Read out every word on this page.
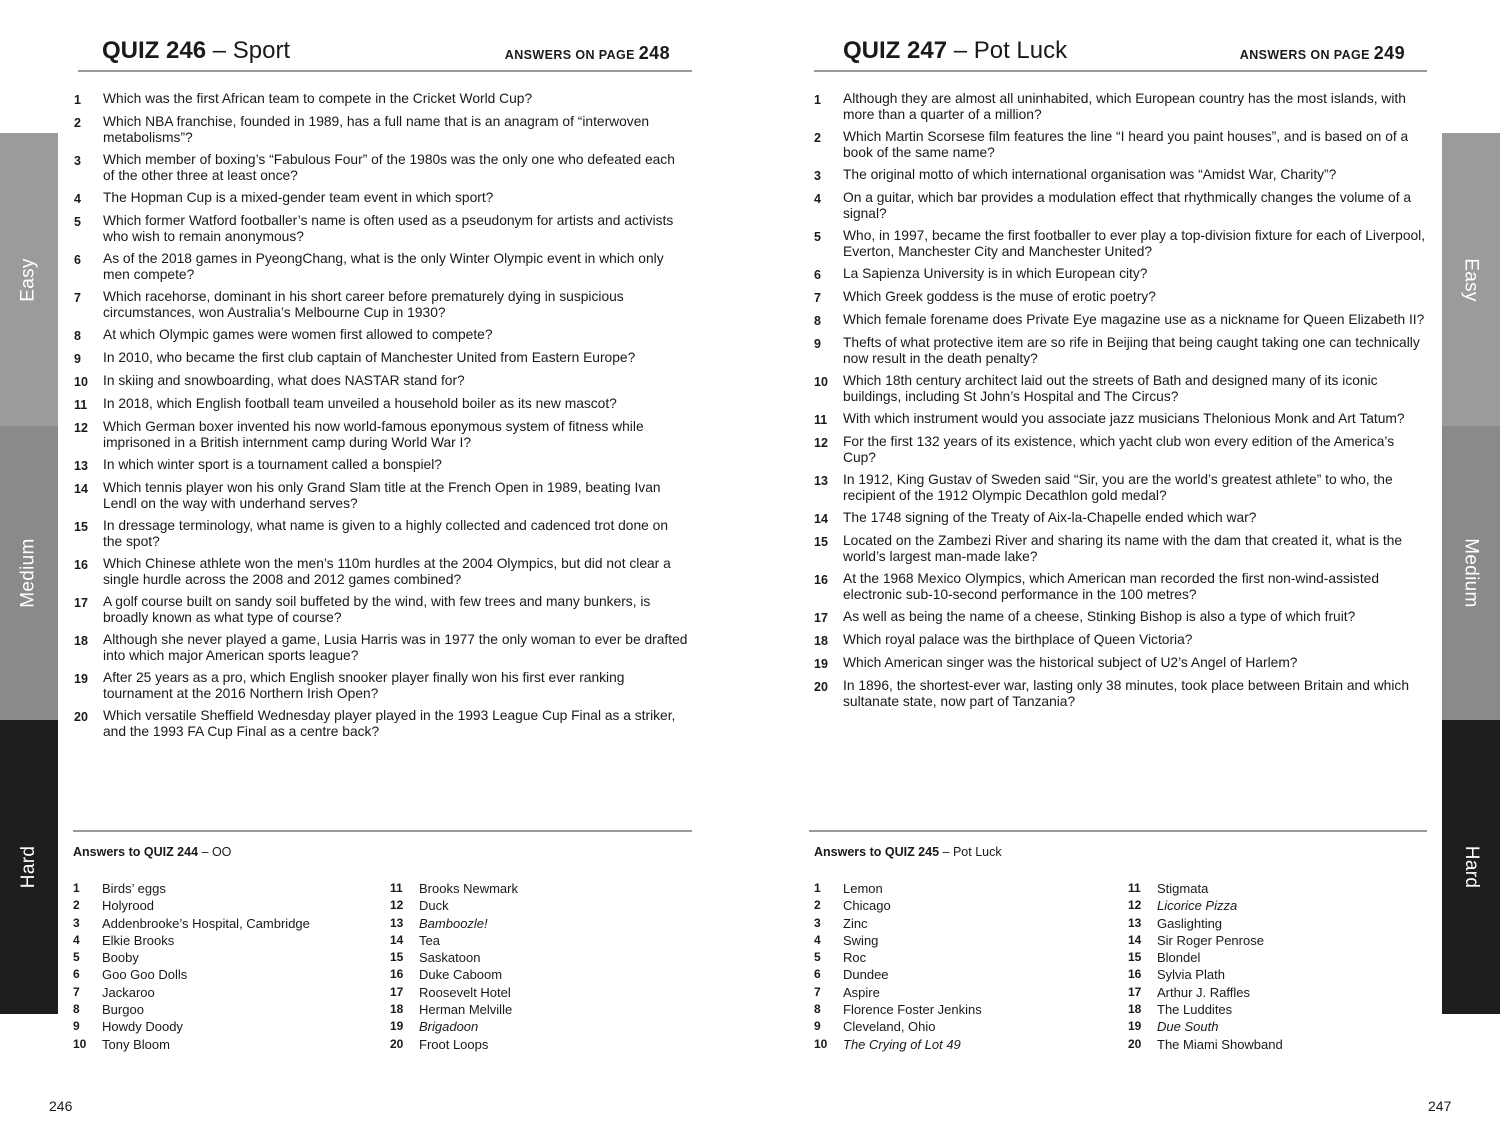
Easy
Medium
Hard
Easy
Medium
Hard
QUIZ 246 – Sport	ANSWERS ON PAGE 248
1	Which was the first African team to compete in the Cricket World Cup?
2	Which NBA franchise, founded in 1989, has a full name that is an anagram of “interwoven metabolisms”?
3	Which member of boxing’s “Fabulous Four” of the 1980s was the only one who defeated each of the other three at least once?
4	The Hopman Cup is a mixed-gender team event in which sport?
5	Which former Watford footballer’s name is often used as a pseudonym for artists and activists who wish to remain anonymous?
6	As of the 2018 games in PyeongChang, what is the only Winter Olympic event in which only men compete?
7	Which racehorse, dominant in his short career before prematurely dying in suspicious circumstances, won Australia’s Melbourne Cup in 1930?
8	At which Olympic games were women first allowed to compete?
9	In 2010, who became the first club captain of Manchester United from Eastern Europe?
10	In skiing and snowboarding, what does NASTAR stand for?
11	In 2018, which English football team unveiled a household boiler as its new mascot?
12	Which German boxer invented his now world-famous eponymous system of fitness while imprisoned in a British internment camp during World War I?
13	In which winter sport is a tournament called a bonspiel?
14	Which tennis player won his only Grand Slam title at the French Open in 1989, beating Ivan Lendl on the way with underhand serves?
15	In dressage terminology, what name is given to a highly collected and cadenced trot done on the spot?
16	Which Chinese athlete won the men’s 110m hurdles at the 2004 Olympics, but did not clear a single hurdle across the 2008 and 2012 games combined?
17	A golf course built on sandy soil buffeted by the wind, with few trees and many bunkers, is broadly known as what type of course?
18	Although she never played a game, Lusia Harris was in 1977 the only woman to ever be drafted into which major American sports league?
19	After 25 years as a pro, which English snooker player finally won his first ever ranking tournament at the 2016 Northern Irish Open?
20	Which versatile Sheffield Wednesday player played in the 1993 League Cup Final as a striker, and the 1993 FA Cup Final as a centre back?
Answers to QUIZ 244 – OO
1	Birds’ eggs
2	Holyrood
3	Addenbrooke’s Hospital, Cambridge
4	Elkie Brooks
5	Booby
6	Goo Goo Dolls
7	Jackaroo
8	Burgoo
9	Howdy Doody
10	Tony Bloom
11	Brooks Newmark
12	Duck
13	Bamboozle!
14	Tea
15	Saskatoon
16	Duke Caboom
17	Roosevelt Hotel
18	Herman Melville
19	Brigadoon
20	Froot Loops
246
QUIZ 247 – Pot Luck	ANSWERS ON PAGE 249
1	Although they are almost all uninhabited, which European country has the most islands, with more than a quarter of a million?
2	Which Martin Scorsese film features the line “I heard you paint houses”, and is based on of a book of the same name?
3	The original motto of which international organisation was “Amidst War, Charity”?
4	On a guitar, which bar provides a modulation effect that rhythmically changes the volume of a signal?
5	Who, in 1997, became the first footballer to ever play a top-division fixture for each of Liverpool, Everton, Manchester City and Manchester United?
6	La Sapienza University is in which European city?
7	Which Greek goddess is the muse of erotic poetry?
8	Which female forename does Private Eye magazine use as a nickname for Queen Elizabeth II?
9	Thefts of what protective item are so rife in Beijing that being caught taking one can technically now result in the death penalty?
10	Which 18th century architect laid out the streets of Bath and designed many of its iconic buildings, including St John’s Hospital and The Circus?
11	With which instrument would you associate jazz musicians Thelonious Monk and Art Tatum?
12	For the first 132 years of its existence, which yacht club won every edition of the America’s Cup?
13	In 1912, King Gustav of Sweden said “Sir, you are the world’s greatest athlete” to who, the recipient of the 1912 Olympic Decathlon gold medal?
14	The 1748 signing of the Treaty of Aix-la-Chapelle ended which war?
15	Located on the Zambezi River and sharing its name with the dam that created it, what is the world’s largest man-made lake?
16	At the 1968 Mexico Olympics, which American man recorded the first non-wind-assisted electronic sub-10-second performance in the 100 metres?
17	As well as being the name of a cheese, Stinking Bishop is also a type of which fruit?
18	Which royal palace was the birthplace of Queen Victoria?
19	Which American singer was the historical subject of U2’s Angel of Harlem?
20	In 1896, the shortest-ever war, lasting only 38 minutes, took place between Britain and which sultanate state, now part of Tanzania?
Answers to QUIZ 245 – Pot Luck
1	Lemon
2	Chicago
3	Zinc
4	Swing
5	Roc
6	Dundee
7	Aspire
8	Florence Foster Jenkins
9	Cleveland, Ohio
10	The Crying of Lot 49
11	Stigmata
12	Licorice Pizza
13	Gaslighting
14	Sir Roger Penrose
15	Blondel
16	Sylvia Plath
17	Arthur J. Raffles
18	The Luddites
19	Due South
20	The Miami Showband
247
